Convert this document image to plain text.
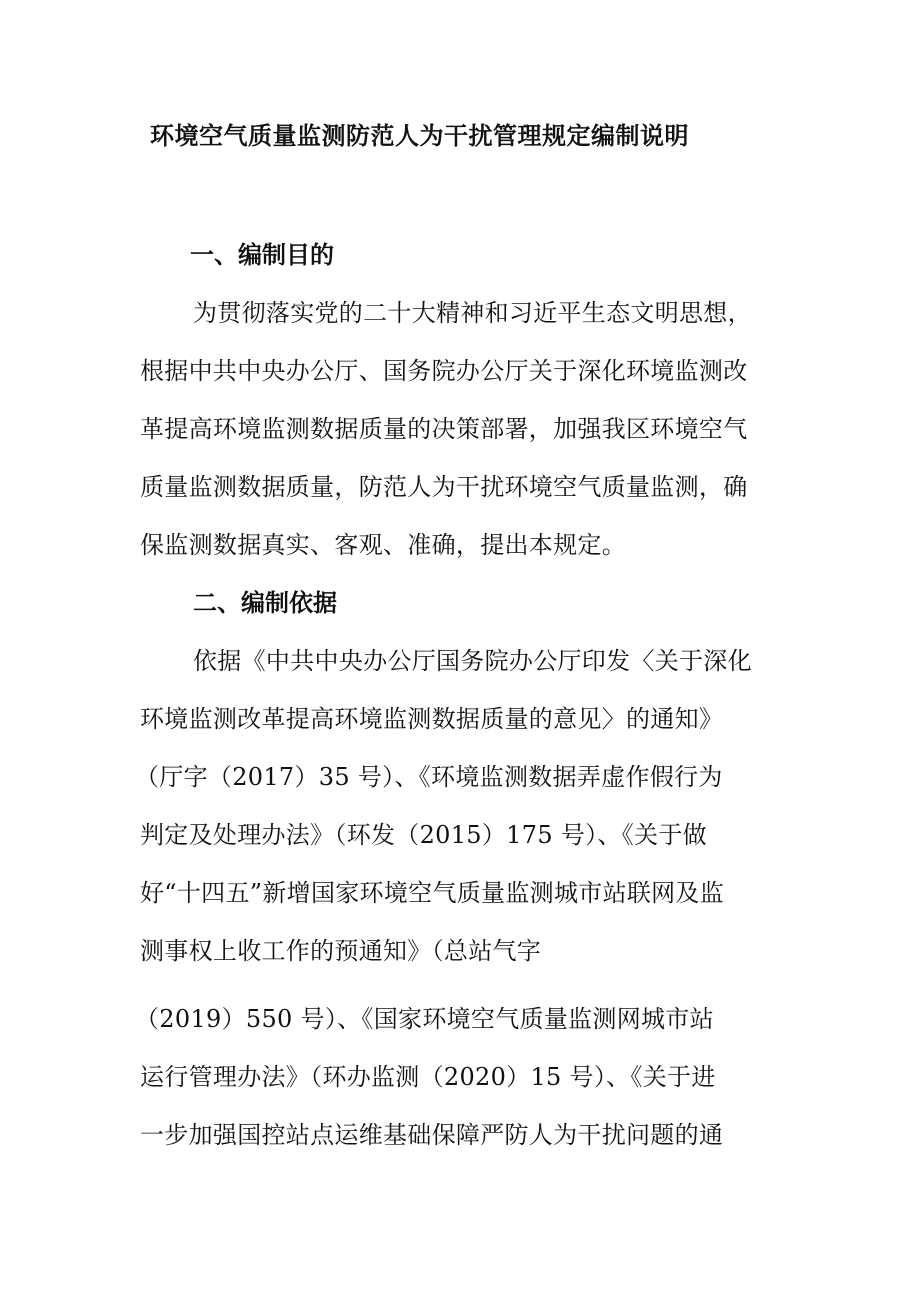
环境空气质量监测防范人为干扰管理规定编制说明
一、编制目的
为贯彻落实党的二十大精神和习近平生态文明思想，
根据中共中央办公厅、国务院办公厅关于深化环境监测改
革提高环境监测数据质量的决策部署，加强我区环境空气
质量监测数据质量，防范人为干扰环境空气质量监测，确
保监测数据真实、客观、准确，提出本规定。
二、编制依据
依据《中共中央办公厅国务院办公厅印发〈关于深化
环境监测改革提高环境监测数据质量的意见〉的通知》
（厅字（2017）35 号）、《环境监测数据弄虚作假行为
判定及处理办法》（环发（2015）175 号）、《关于做
好“十四五”新增国家环境空气质量监测城市站联网及监
测事权上收工作的预通知》（总站气字
（2019）550 号）、《国家环境空气质量监测网城市站
运行管理办法》（环办监测（2020）15 号）、《关于进
一步加强国控站点运维基础保障严防人为干扰问题的通
